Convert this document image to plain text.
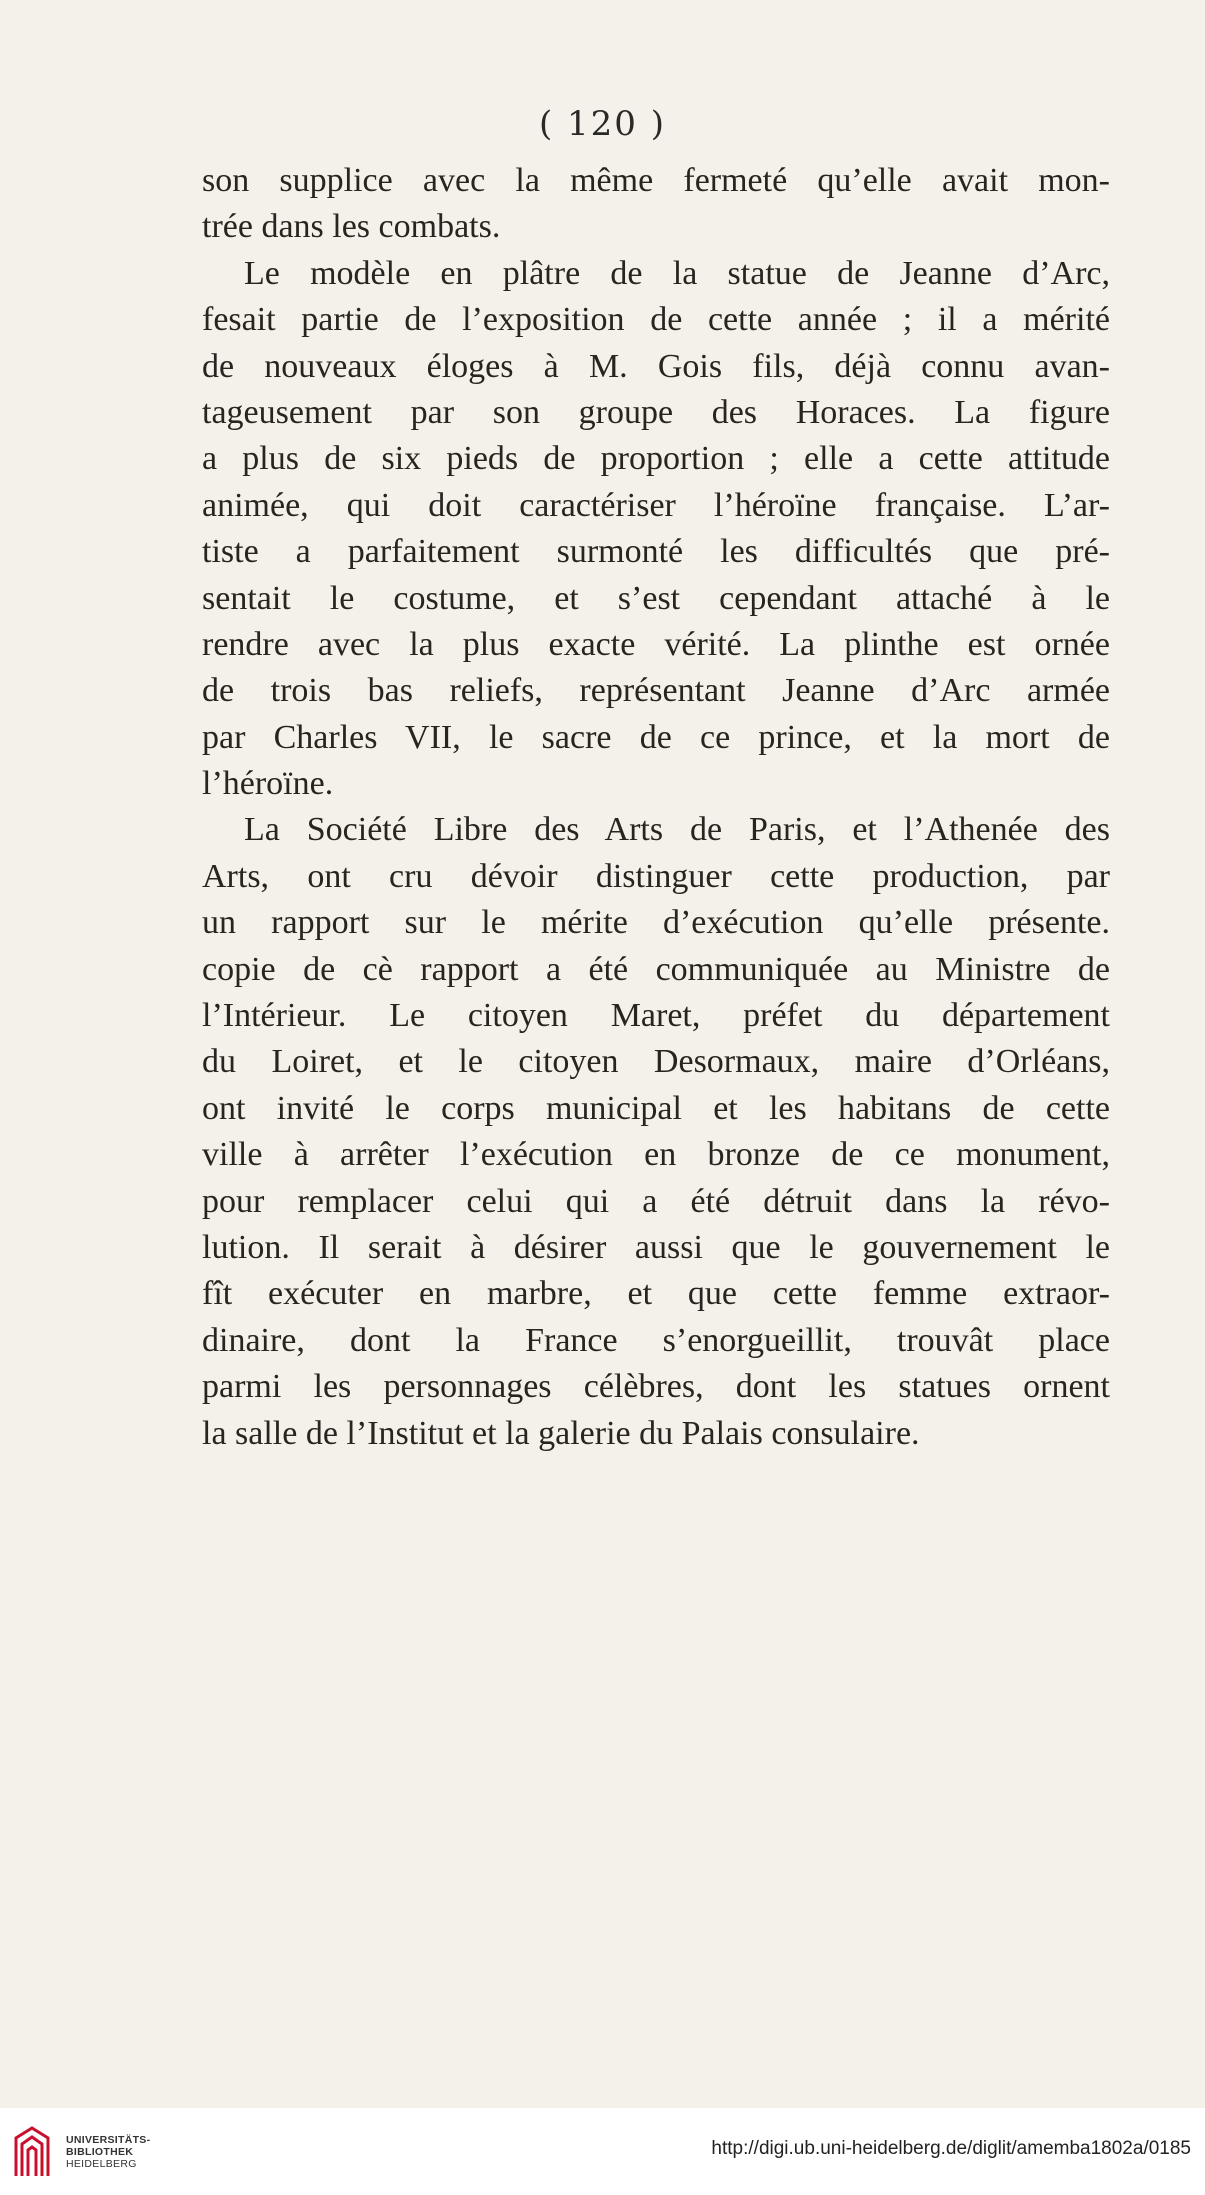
( 120 )
son supplice avec la même fermeté qu’elle avait mon-
trée dans les combats.
Le modèle en plâtre de la statue de Jeanne d’Arc,
fesait partie de l’exposition de cette année ; il a mérité
de nouveaux éloges à M. Gois fils, déjà connu avan-
tageusement par son groupe des Horaces. La figure
a plus de six pieds de proportion ; elle a cette attitude
animée, qui doit caractériser l’héroïne française. L’ar-
tiste a parfaitement surmonté les difficultés que pré-
sentait le costume, et s’est cependant attaché à le
rendre avec la plus exacte vérité. La plinthe est ornée
de trois bas reliefs, représentant Jeanne d’Arc armée
par Charles VII, le sacre de ce prince, et la mort de
l’héroïne.
La Société Libre des Arts de Paris, et l’Athenée des
Arts, ont cru dévoir distinguer cette production, par
un rapport sur le mérite d’exécution qu’elle présente.
copie de cè rapport a été communiquée au Ministre de
l’Intérieur. Le citoyen Maret, préfet du département
du Loiret, et le citoyen Desormaux, maire d’Orléans,
ont invité le corps municipal et les habitans de cette
ville à arrêter l’exécution en bronze de ce monument,
pour remplacer celui qui a été détruit dans la révo-
lution. Il serait à désirer aussi que le gouvernement le
fît exécuter en marbre, et que cette femme extraor-
dinaire, dont la France s’enorgueillit, trouvât place
parmi les personnages célèbres, dont les statues ornent
la salle de l’Institut et la galerie du Palais consulaire.
UNIVERSITÄTS-
BIBLIOTHEK
HEIDELBERG
http://digi.ub.uni-heidelberg.de/diglit/amemba1802a/0185
